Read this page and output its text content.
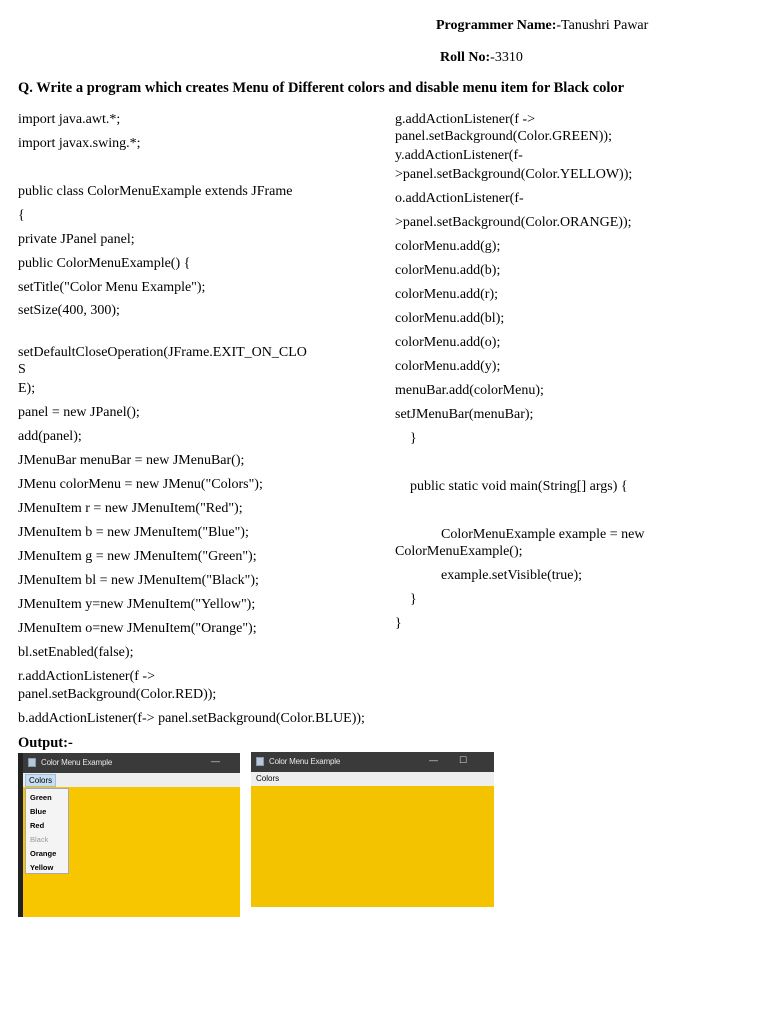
Programmer Name:-Tanushri Pawar
Roll No:-3310
Q. Write a program which creates Menu of Different colors and disable menu item for Black color
import java.awt.*;
import javax.swing.*;
public class ColorMenuExample extends JFrame
{
private JPanel panel;
public ColorMenuExample() {
setTitle("Color Menu Example");
setSize(400, 300);
setDefaultCloseOperation(JFrame.EXIT_ON_CLO
S
E);
panel = new JPanel();
add(panel);
JMenuBar menuBar = new JMenuBar();
JMenu colorMenu = new JMenu("Colors");
JMenuItem r = new JMenuItem("Red");
JMenuItem b = new JMenuItem("Blue");
JMenuItem g = new JMenuItem("Green");
JMenuItem bl = new JMenuItem("Black");
JMenuItem y=new JMenuItem("Yellow");
JMenuItem o=new JMenuItem("Orange");
bl.setEnabled(false);
r.addActionListener(f ->
panel.setBackground(Color.RED));
b.addActionListener(f-> panel.setBackground(Color.BLUE));
g.addActionListener(f ->
panel.setBackground(Color.GREEN));
y.addActionListener(f-
>panel.setBackground(Color.YELLOW));
o.addActionListener(f-
>panel.setBackground(Color.ORANGE));
colorMenu.add(g);
colorMenu.add(b);
colorMenu.add(r);
colorMenu.add(bl);
colorMenu.add(o);
colorMenu.add(y);
menuBar.add(colorMenu);
setJMenuBar(menuBar);
}
public static void main(String[] args) {
ColorMenuExample example = new
ColorMenuExample();
example.setVisible(true);
}
}
Output:-
Color Menu Example	—
Colors
Green
Blue
Red
Black
Orange
Yellow
Color Menu Example	— ☐
Colors
